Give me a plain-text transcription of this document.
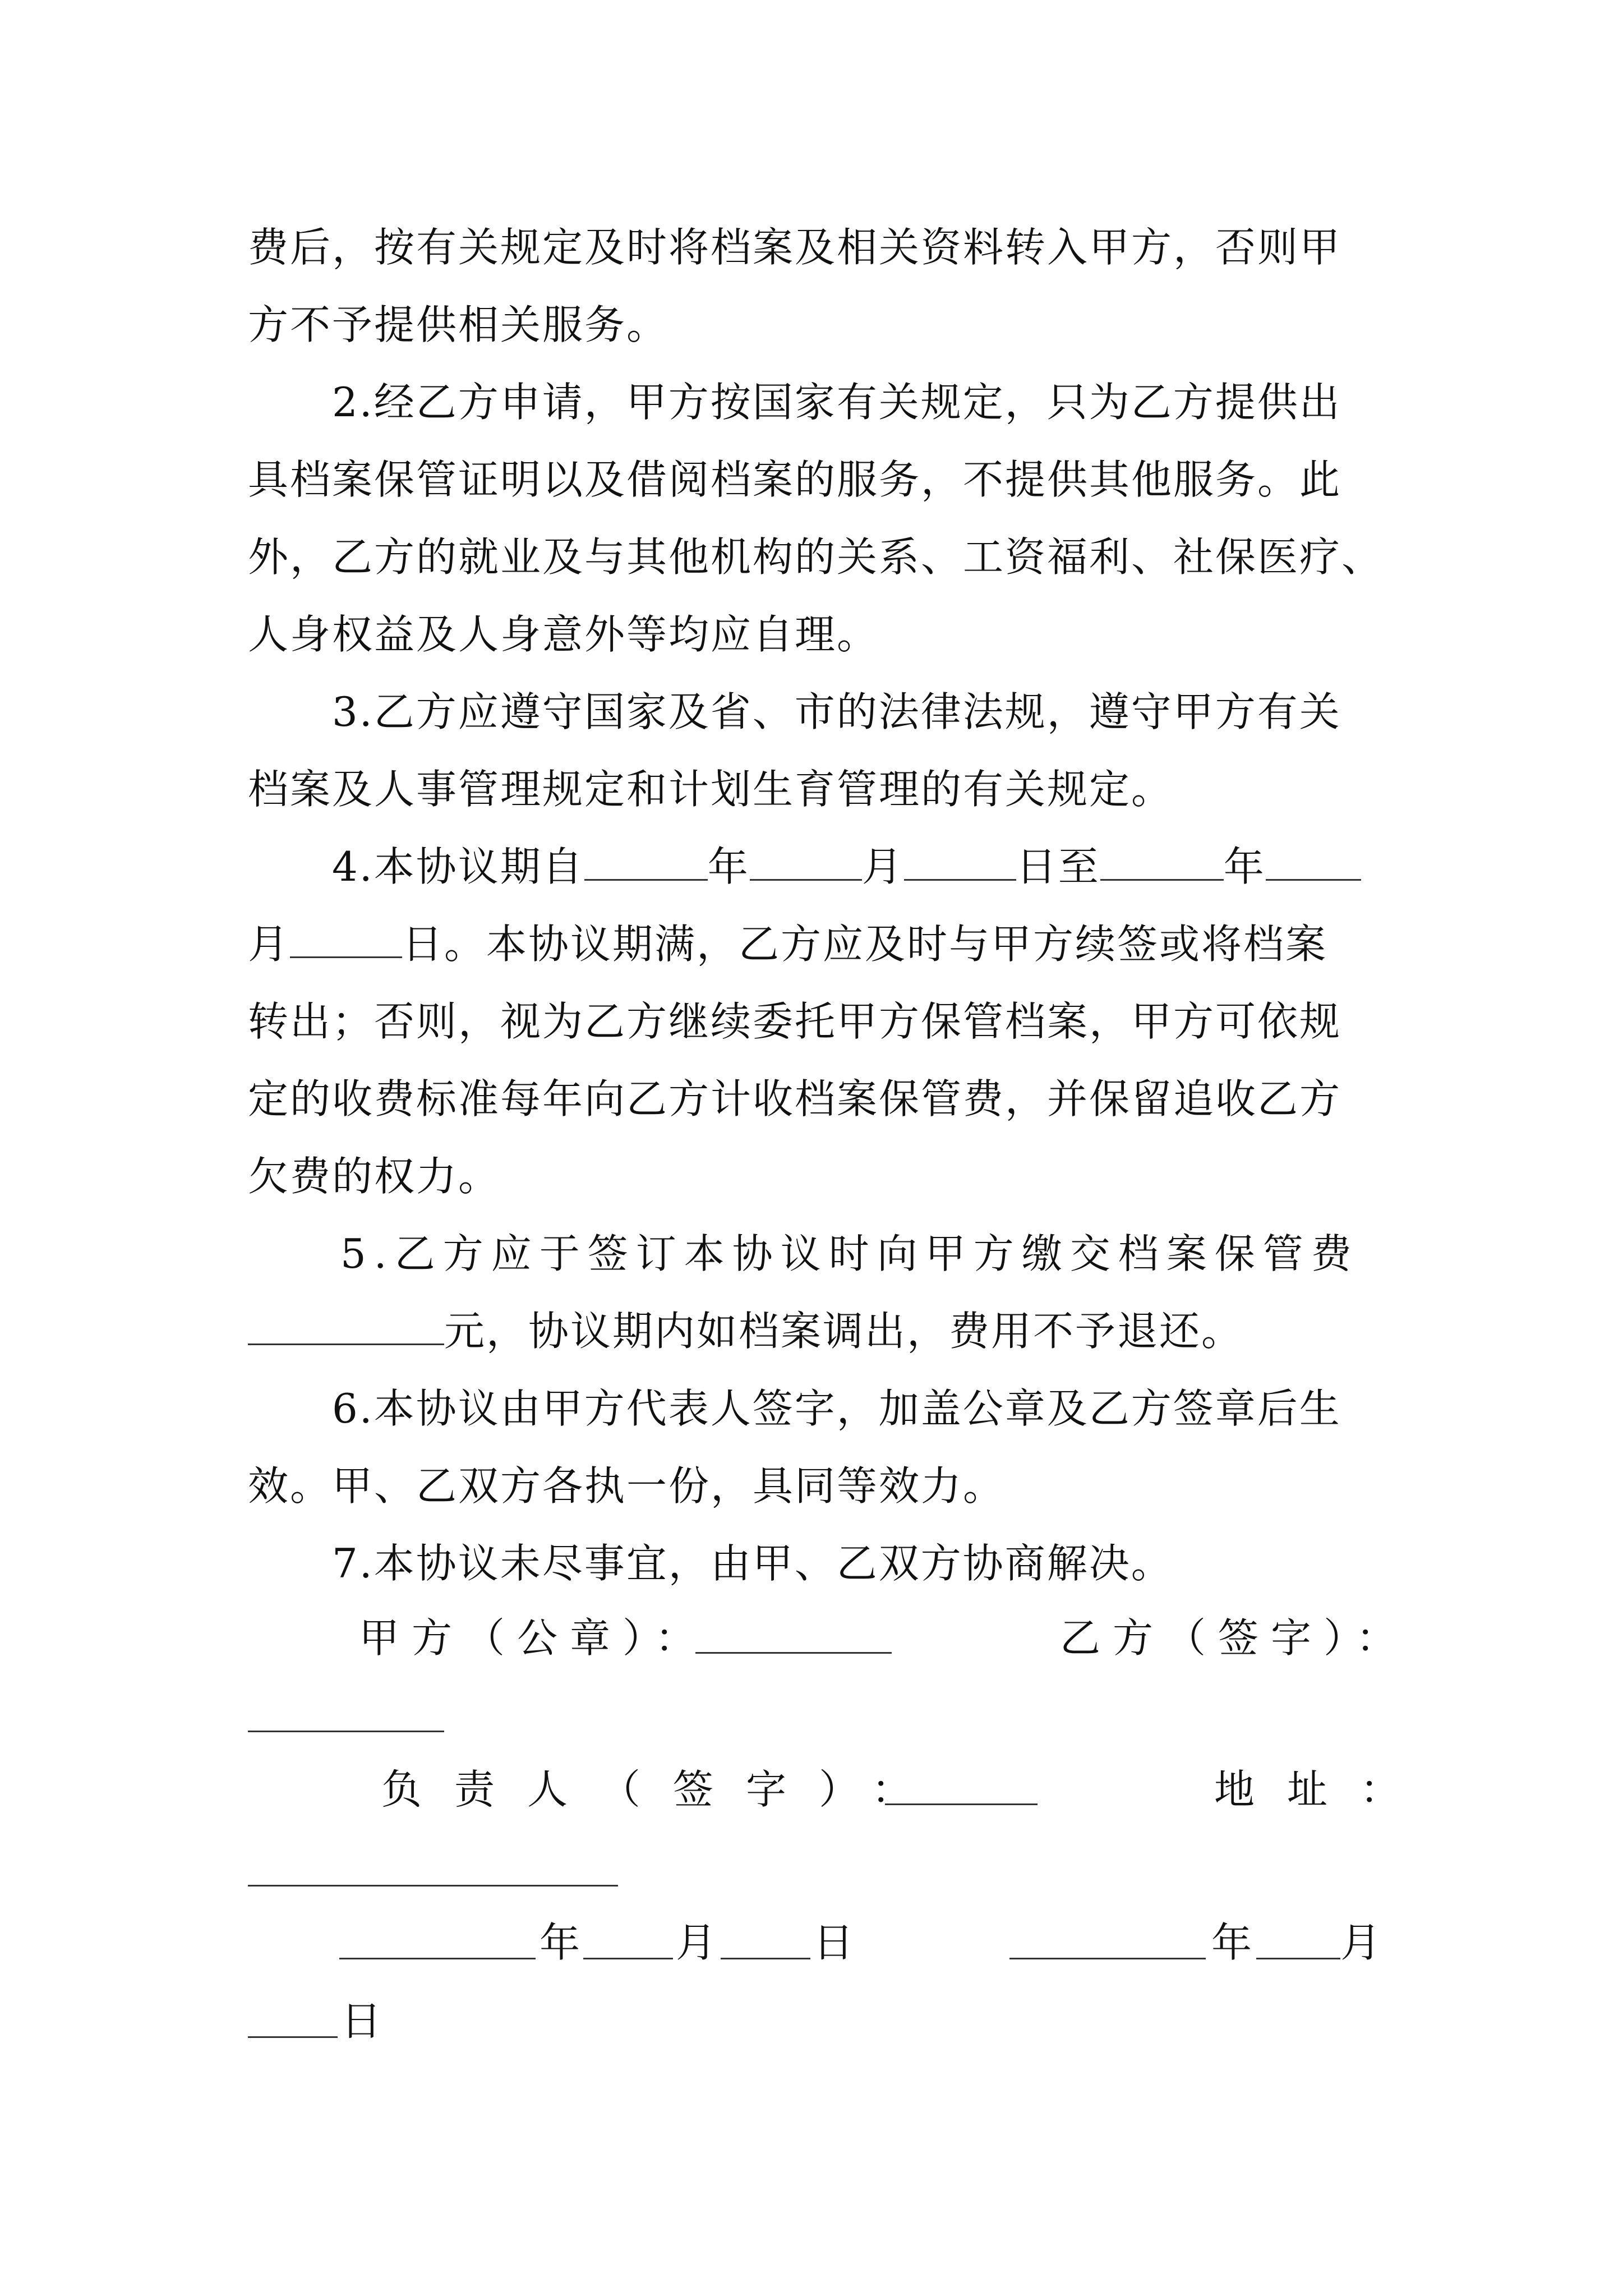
费后，按有关规定及时将档案及相关资料转入甲方，否则甲
方不予提供相关服务。
2.经乙方申请，甲方按国家有关规定，只为乙方提供出
具档案保管证明以及借阅档案的服务，不提供其他服务。此
外，乙方的就业及与其他机构的关系、工资福利、社保医疗、
人身权益及人身意外等均应自理。
3.乙方应遵守国家及省、市的法律法规，遵守甲方有关
档案及人事管理规定和计划生育管理的有关规定。
4.本协议期自	年	月	日至	年
月	日。本协议期满，乙方应及时与甲方续签或将档案
转出；否则，视为乙方继续委托甲方保管档案，甲方可依规
定的收费标准每年向乙方计收档案保管费，并保留追收乙方
欠费的权力。
5.乙方应于签订本协议时向甲方缴交档案保管费
元，协议期内如档案调出，费用不予退还。
6.本协议由甲方代表人签字，加盖公章及乙方签章后生
效。甲、乙双方各执一份，具同等效力。
7.本协议未尽事宜，由甲、乙双方协商解决。
甲方（公章）：	乙方（签字）：
负责人（签字）：	地址：
年 月 日	年 月
日
